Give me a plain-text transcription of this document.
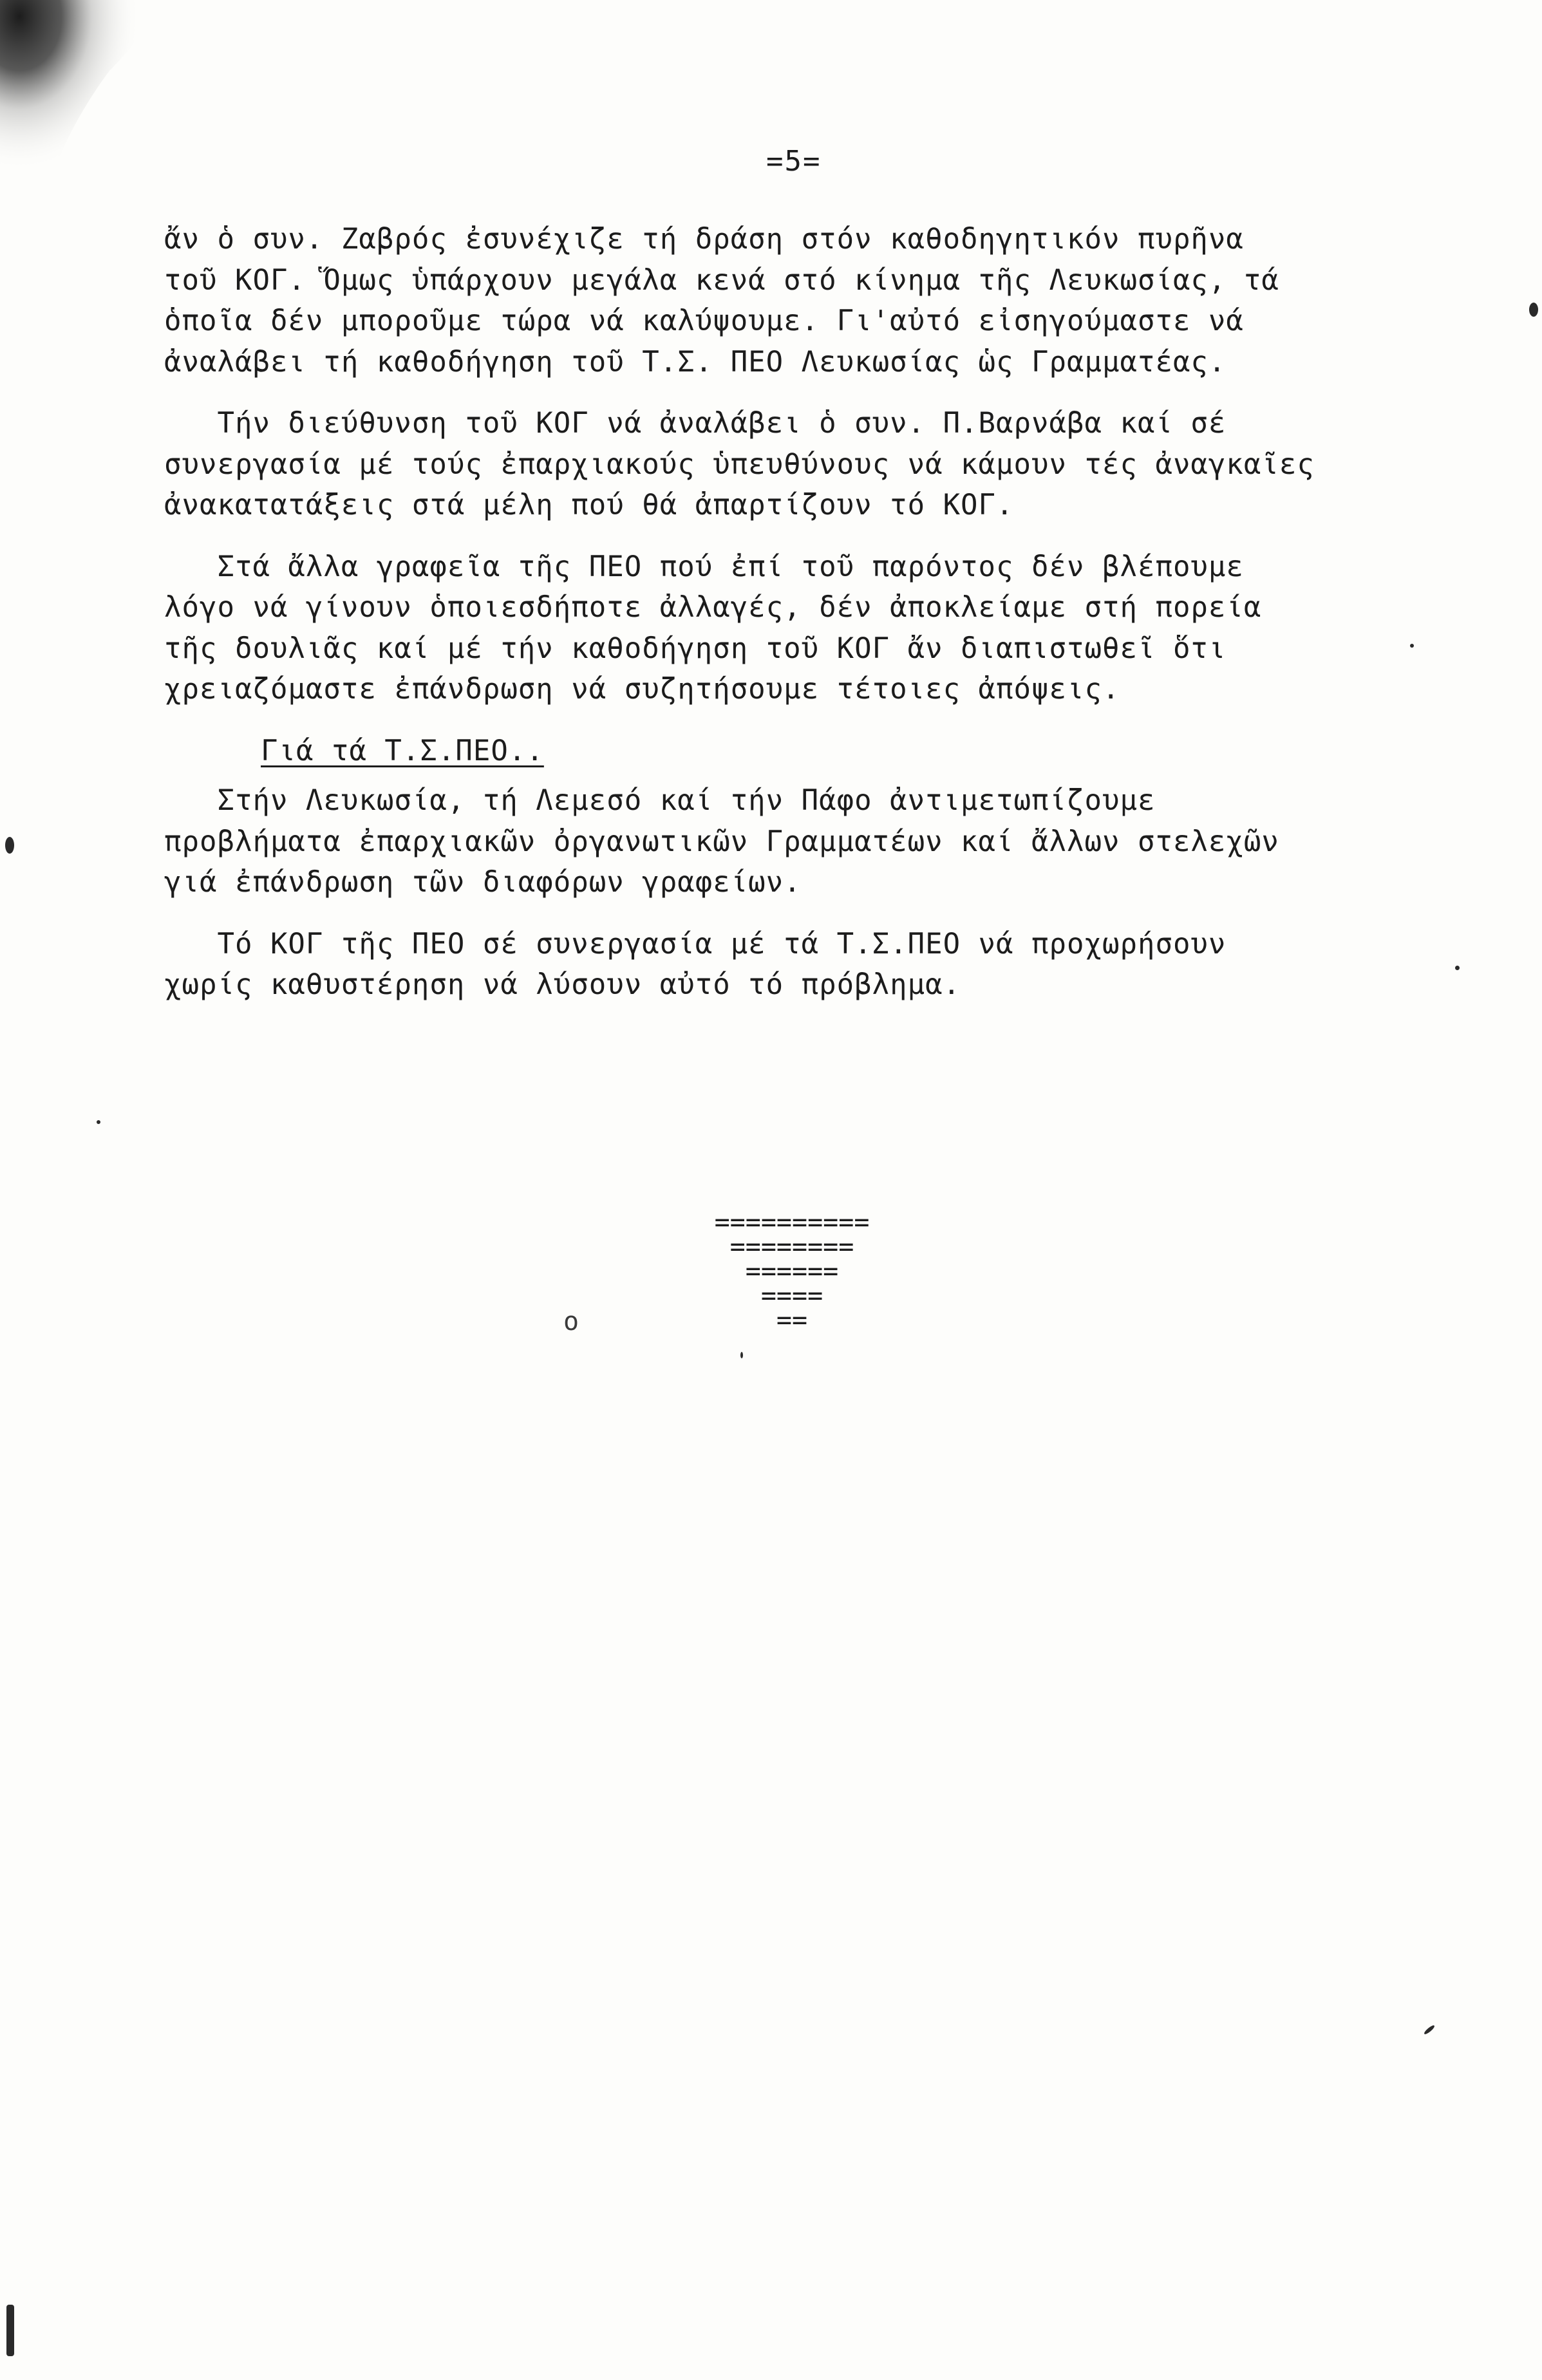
=5=
ἄν ὁ συν. Ζαβρός ἐσυνέχιζε τή δράση στόν καθοδηγητικόν πυρῆνα
τοῦ ΚΟΓ. Ὅμως ὑπάρχουν μεγάλα κενά στό κίνημα τῆς Λευκωσίας, τά
ὁποῖα δέν μποροῦμε τώρα νά καλύψουμε. Γι'αὐτό εἰσηγούμαστε νά
ἀναλάβει τή καθοδήγηση τοῦ Τ.Σ. ΠΕΟ Λευκωσίας ὡς Γραμματέας.
Τήν διεύθυνση τοῦ ΚΟΓ νά ἀναλάβει ὁ συν. Π.Βαρνάβα καί σέ
συνεργασία μέ τούς ἐπαρχιακούς ὑπευθύνους νά κάμουν τές ἀναγκαῖες
ἀνακατατάξεις στά μέλη πού θά ἀπαρτίζουν τό ΚΟΓ.
Στά ἄλλα γραφεῖα τῆς ΠΕΟ πού ἐπί τοῦ παρόντος δέν βλέπουμε
λόγο νά γίνουν ὁποιεσδήποτε ἀλλαγές, δέν ἀποκλείαμε στή πορεία
τῆς δουλιᾶς καί μέ τήν καθοδήγηση τοῦ ΚΟΓ ἄν διαπιστωθεῖ ὅτι
χρειαζόμαστε ἐπάνδρωση νά συζητήσουμε τέτοιες ἀπόψεις.
Γιά τά Τ.Σ.ΠΕΟ..
Στήν Λευκωσία, τή Λεμεσό καί τήν Πάφο ἀντιμετωπίζουμε
προβλήματα ἐπαρχιακῶν ὀργανωτικῶν Γραμματέων καί ἄλλων στελεχῶν
γιά ἐπάνδρωση τῶν διαφόρων γραφείων.
Τό ΚΟΓ τῆς ΠΕΟ σέ συνεργασία μέ τά Τ.Σ.ΠΕΟ νά προχωρήσουν
χωρίς καθυστέρηση νά λύσουν αὐτό τό πρόβλημα.
==========
========
======
====
==
o
